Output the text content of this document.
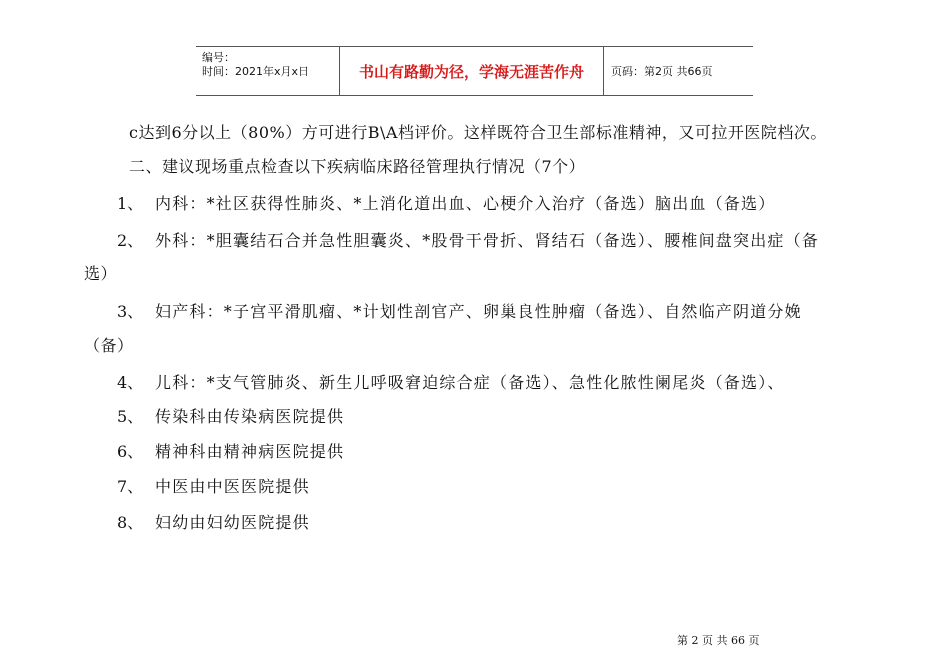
编号：
时间：2021年x月x日	书山有路勤为径，学海无涯苦作舟	页码：第2页 共66页
c达到6分以上（80%）方可进行B\A档评价。这样既符合卫生部标准精神，又可拉开医院档次。
二、建议现场重点检查以下疾病临床路径管理执行情况（7个）
1、 内科：*社区获得性肺炎、*上消化道出血、心梗介入治疗（备选）脑出血（备选）
2、 外科：*胆囊结石合并急性胆囊炎、*股骨干骨折、肾结石（备选）、腰椎间盘突出症（备
选）
3、 妇产科：*子宫平滑肌瘤、*计划性剖官产、卵巢良性肿瘤（备选）、自然临产阴道分娩
（备）
4、 儿科：*支气管肺炎、新生儿呼吸窘迫综合症（备选）、急性化脓性阑尾炎（备选）、
5、 传染科由传染病医院提供
6、 精神科由精神病医院提供
7、 中医由中医医院提供
8、 妇幼由妇幼医院提供
第 2 页 共 66 页
